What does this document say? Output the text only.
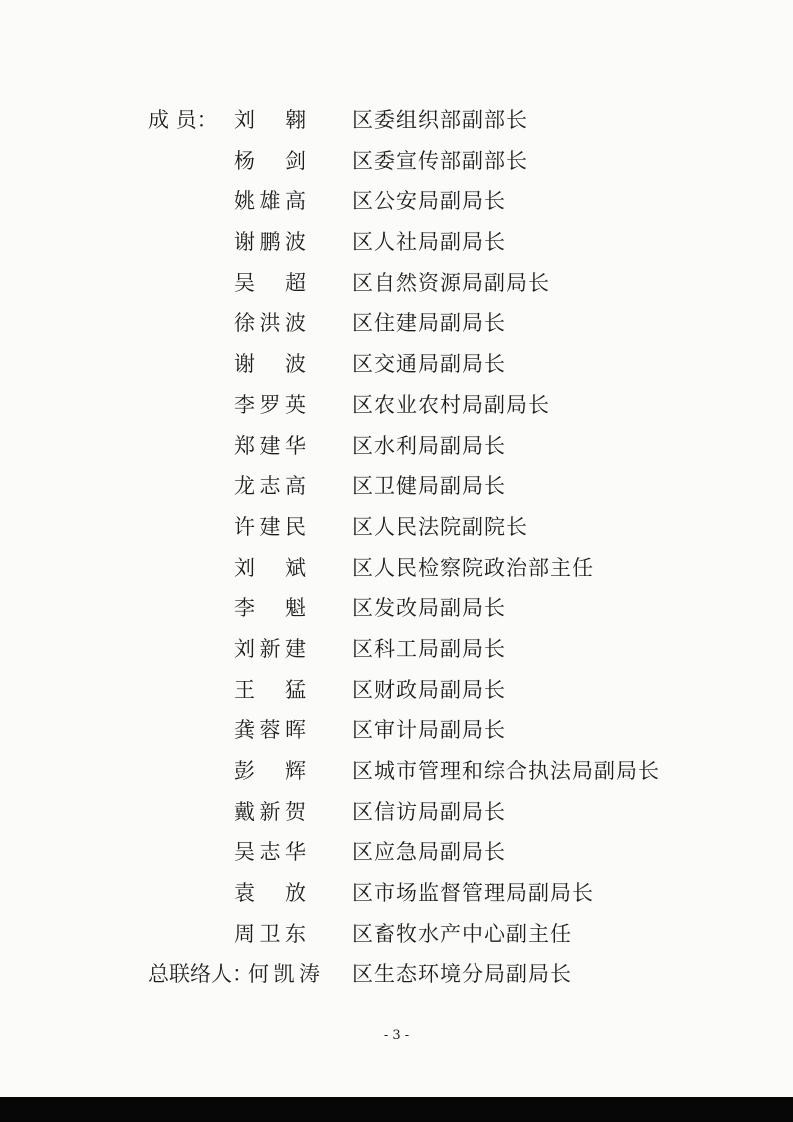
成 员： 刘 翱 区委组织部副部长
杨 剑 区委宣传部副部长
姚雄高 区公安局副局长
谢鹏波 区人社局副局长
吴 超 区自然资源局副局长
徐洪波 区住建局副局长
谢 波 区交通局副局长
李罗英 区农业农村局副局长
郑建华 区水利局副局长
龙志高 区卫健局副局长
许建民 区人民法院副院长
刘 斌 区人民检察院政治部主任
李 魁 区发改局副局长
刘新建 区科工局副局长
王 猛 区财政局副局长
龚蓉晖 区审计局副局长
彭 辉 区城市管理和综合执法局副局长
戴新贺 区信访局副局长
吴志华 区应急局副局长
袁 放 区市场监督管理局副局长
周卫东 区畜牧水产中心副主任
总联络人：
何凯涛 区生态环境分局副局长
- 3 -
